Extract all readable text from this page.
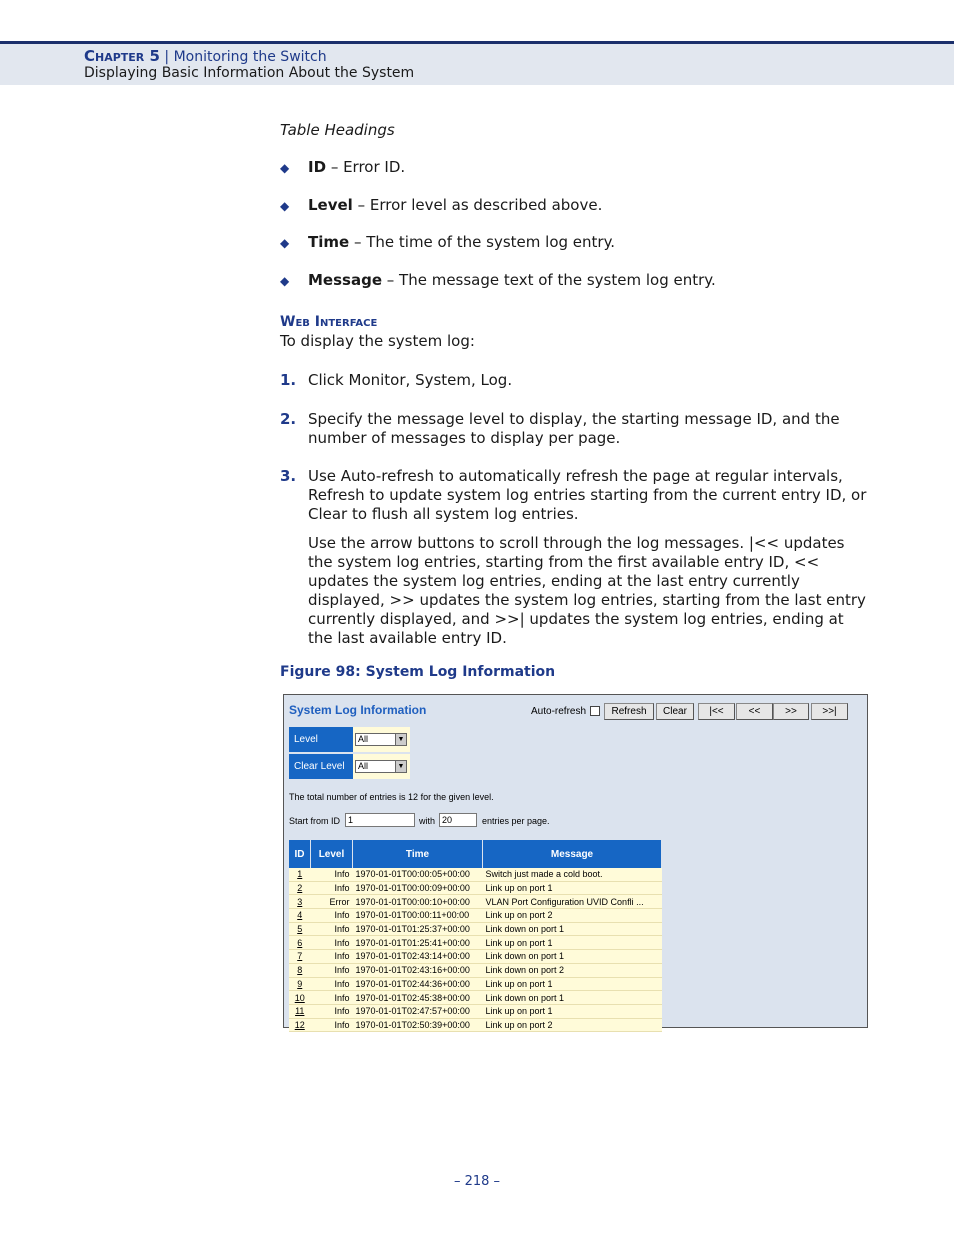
Chapter 5 | Monitoring the Switch
Displaying Basic Information About the System
Table Headings
◆ ID – Error ID.
◆ Level – Error level as described above.
◆ Time – The time of the system log entry.
◆ Message – The message text of the system log entry.
Web Interface
To display the system log:
1. Click Monitor, System, Log.
2. Specify the message level to display, the starting message ID, and the number of messages to display per page.
3. Use Auto-refresh to automatically refresh the page at regular intervals, Refresh to update system log entries starting from the current entry ID, or Clear to flush all system log entries.
Use the arrow buttons to scroll through the log messages. |<< updates the system log entries, starting from the first available entry ID, << updates the system log entries, ending at the last entry currently displayed, >> updates the system log entries, starting from the last entry currently displayed, and >>| updates the system log entries, ending at the last available entry ID.
Figure 98: System Log Information
System Log Information	Auto-refresh	Refresh	Clear	|<<	<<	>>	>>|
Level	All	▼
Clear Level	All	▼
The total number of entries is 12 for the given level.
Start from ID 1	with 20	entries per page.
ID	Level	Time	Message
1	Info	1970-01-01T00:00:05+00:00	Switch just made a cold boot.
2	Info	1970-01-01T00:00:09+00:00	Link up on port 1
3	Error	1970-01-01T00:00:10+00:00	VLAN Port Configuration UVID Confli ...
4	Info	1970-01-01T00:00:11+00:00	Link up on port 2
5	Info	1970-01-01T01:25:37+00:00	Link down on port 1
6	Info	1970-01-01T01:25:41+00:00	Link up on port 1
7	Info	1970-01-01T02:43:14+00:00	Link down on port 1
8	Info	1970-01-01T02:43:16+00:00	Link down on port 2
9	Info	1970-01-01T02:44:36+00:00	Link up on port 1
10	Info	1970-01-01T02:45:38+00:00	Link down on port 1
11	Info	1970-01-01T02:47:57+00:00	Link up on port 1
12	Info	1970-01-01T02:50:39+00:00	Link up on port 2
– 218 –
